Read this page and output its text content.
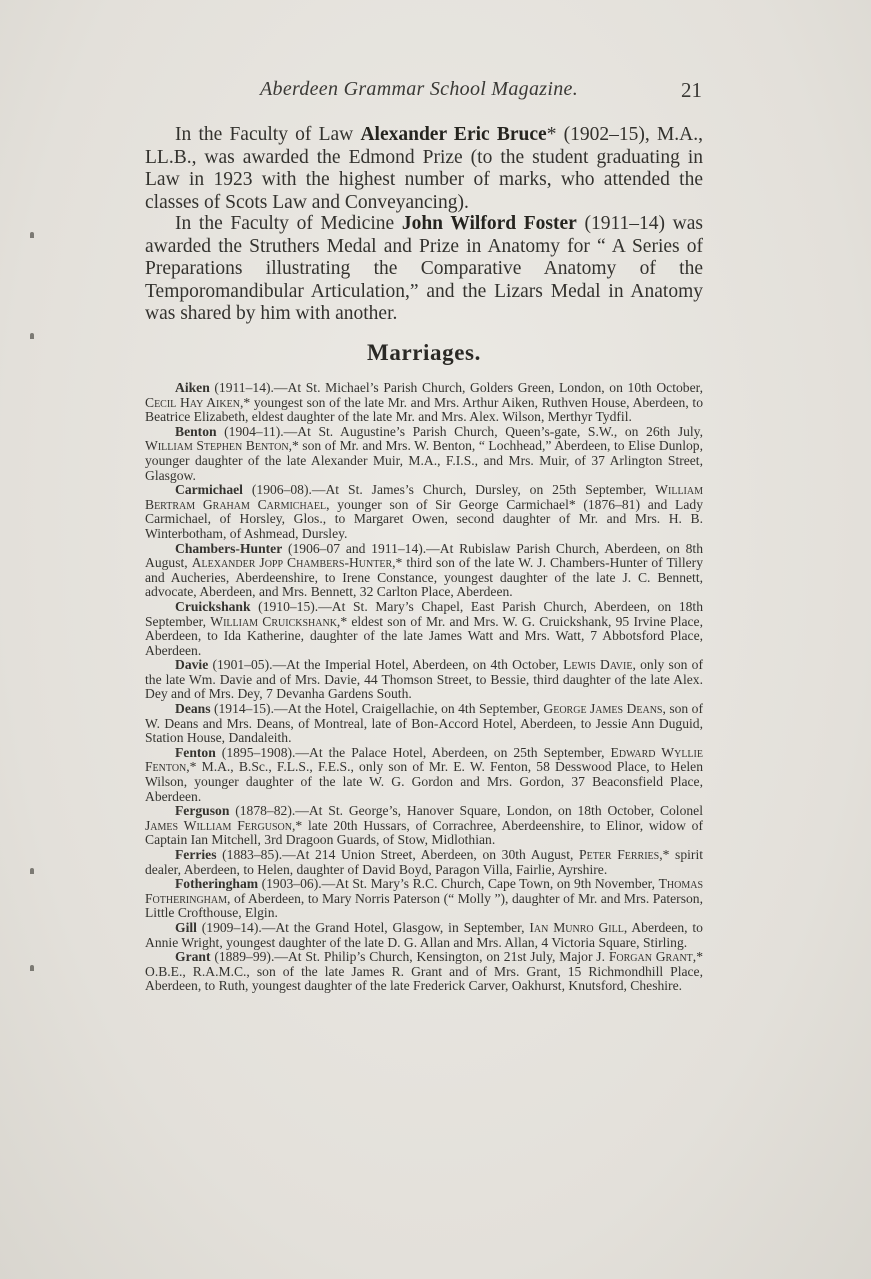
Aberdeen Grammar School Magazine.	21

In the Faculty of Law Alexander Eric Bruce* (1902–15), M.A., LL.B., was awarded the Edmond Prize (to the student graduating in Law in 1923 with the highest number of marks, who attended the classes of Scots Law and Conveyancing).

In the Faculty of Medicine John Wilford Foster (1911–14) was awarded the Struthers Medal and Prize in Anatomy for “ A Series of Preparations illustrating the Comparative Anatomy of the Temporomandibular Articulation,” and the Lizars Medal in Anatomy was shared by him with another.

Marriages.

Aiken (1911–14).—At St. Michael’s Parish Church, Golders Green, London, on 10th October, Cecil Hay Aiken,* youngest son of the late Mr. and Mrs. Arthur Aiken, Ruthven House, Aberdeen, to Beatrice Elizabeth, eldest daughter of the late Mr. and Mrs. Alex. Wilson, Merthyr Tydfil.

Benton (1904–11).—At St. Augustine’s Parish Church, Queen’s-gate, S.W., on 26th July, William Stephen Benton,* son of Mr. and Mrs. W. Benton, “ Lochhead,” Aberdeen, to Elise Dunlop, younger daughter of the late Alexander Muir, M.A., F.I.S., and Mrs. Muir, of 37 Arlington Street, Glasgow.

Carmichael (1906–08).—At St. James’s Church, Dursley, on 25th September, William Bertram Graham Carmichael, younger son of Sir George Carmichael* (1876–81) and Lady Carmichael, of Horsley, Glos., to Margaret Owen, second daughter of Mr. and Mrs. H. B. Winterbotham, of Ashmead, Dursley.

Chambers-Hunter (1906–07 and 1911–14).—At Rubislaw Parish Church, Aberdeen, on 8th August, Alexander Jopp Chambers-Hunter,* third son of the late W. J. Chambers-Hunter of Tillery and Aucheries, Aberdeenshire, to Irene Constance, youngest daughter of the late J. C. Bennett, advocate, Aberdeen, and Mrs. Bennett, 32 Carlton Place, Aberdeen.

Cruickshank (1910–15).—At St. Mary’s Chapel, East Parish Church, Aberdeen, on 18th September, William Cruickshank,* eldest son of Mr. and Mrs. W. G. Cruickshank, 95 Irvine Place, Aberdeen, to Ida Katherine, daughter of the late James Watt and Mrs. Watt, 7 Abbotsford Place, Aberdeen.

Davie (1901–05).—At the Imperial Hotel, Aberdeen, on 4th October, Lewis Davie, only son of the late Wm. Davie and of Mrs. Davie, 44 Thomson Street, to Bessie, third daughter of the late Alex. Dey and of Mrs. Dey, 7 Devanha Gardens South.

Deans (1914–15).—At the Hotel, Craigellachie, on 4th September, George James Deans, son of W. Deans and Mrs. Deans, of Montreal, late of Bon-Accord Hotel, Aberdeen, to Jessie Ann Duguid, Station House, Dandaleith.

Fenton (1895–1908).—At the Palace Hotel, Aberdeen, on 25th September, Edward Wyllie Fenton,* M.A., B.Sc., F.L.S., F.E.S., only son of Mr. E. W. Fenton, 58 Desswood Place, to Helen Wilson, younger daughter of the late W. G. Gordon and Mrs. Gordon, 37 Beaconsfield Place, Aberdeen.

Ferguson (1878–82).—At St. George’s, Hanover Square, London, on 18th October, Colonel James William Ferguson,* late 20th Hussars, of Corrachree, Aberdeenshire, to Elinor, widow of Captain Ian Mitchell, 3rd Dragoon Guards, of Stow, Midlothian.

Ferries (1883–85).—At 214 Union Street, Aberdeen, on 30th August, Peter Ferries,* spirit dealer, Aberdeen, to Helen, daughter of David Boyd, Paragon Villa, Fairlie, Ayrshire.

Fotheringham (1903–06).—At St. Mary’s R.C. Church, Cape Town, on 9th November, Thomas Fotheringham, of Aberdeen, to Mary Norris Paterson (“ Molly ”), daughter of Mr. and Mrs. Paterson, Little Crofthouse, Elgin.

Gill (1909–14).—At the Grand Hotel, Glasgow, in September, Ian Munro Gill, Aberdeen, to Annie Wright, youngest daughter of the late D. G. Allan and Mrs. Allan, 4 Victoria Square, Stirling.

Grant (1889–99).—At St. Philip’s Church, Kensington, on 21st July, Major J. Forgan Grant,* O.B.E., R.A.M.C., son of the late James R. Grant and of Mrs. Grant, 15 Richmondhill Place, Aberdeen, to Ruth, youngest daughter of the late Frederick Carver, Oakhurst, Knutsford, Cheshire.
